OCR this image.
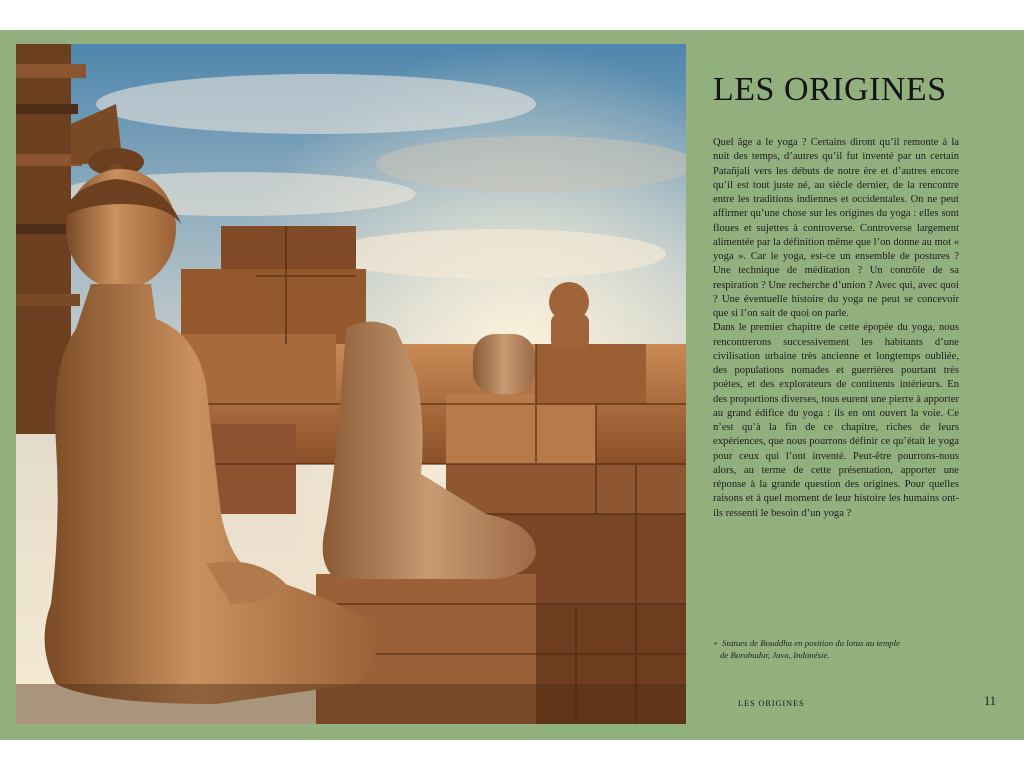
LES ORIGINES

Quel âge a le yoga ? Certains diront qu’il remonte à la nuit des temps, d’autres qu’il fut inventé par un certain Patañjali vers les débuts de notre ère et d’autres encore qu’il est tout juste né, au siècle dernier, de la rencontre entre les traditions indiennes et occidentales. On ne peut affirmer qu’une chose sur les origines du yoga : elles sont floues et sujettes à controverse. Controverse largement alimentée par la définition même que l’on donne au mot « yoga ». Car le yoga, est-ce un ensemble de postures ? Une technique de méditation ? Un contrôle de sa respiration ? Une recherche d’union ? Avec qui, avec quoi ? Une éventuelle histoire du yoga ne peut se concevoir que si l’on sait de quoi on parle.

Dans le premier chapitre de cette épopée du yoga, nous rencontrerons successivement les habitants d’une civilisation urbaine très ancienne et longtemps oubliée, des populations nomades et guerrières pourtant très poètes, et des explorateurs de continents intérieurs. En des proportions diverses, tous eurent une pierre à apporter au grand édifice du yoga : ils en ont ouvert la voie. Ce n’est qu’à la fin de ce chapitre, riches de leurs expériences, que nous pourrons définir ce qu’était le yoga pour ceux qui l’ont inventé. Peut-être pourrons-nous alors, au terme de cette présentation, apporter une réponse à la grande question des origines. Pour quelles raisons et à quel moment de leur histoire les humains ont-ils ressenti le besoin d’un yoga ?

+ Statues de Bouddha en position du lotus au temple
de Borobudur, Java, Indonésie.
LES ORIGINES	11
